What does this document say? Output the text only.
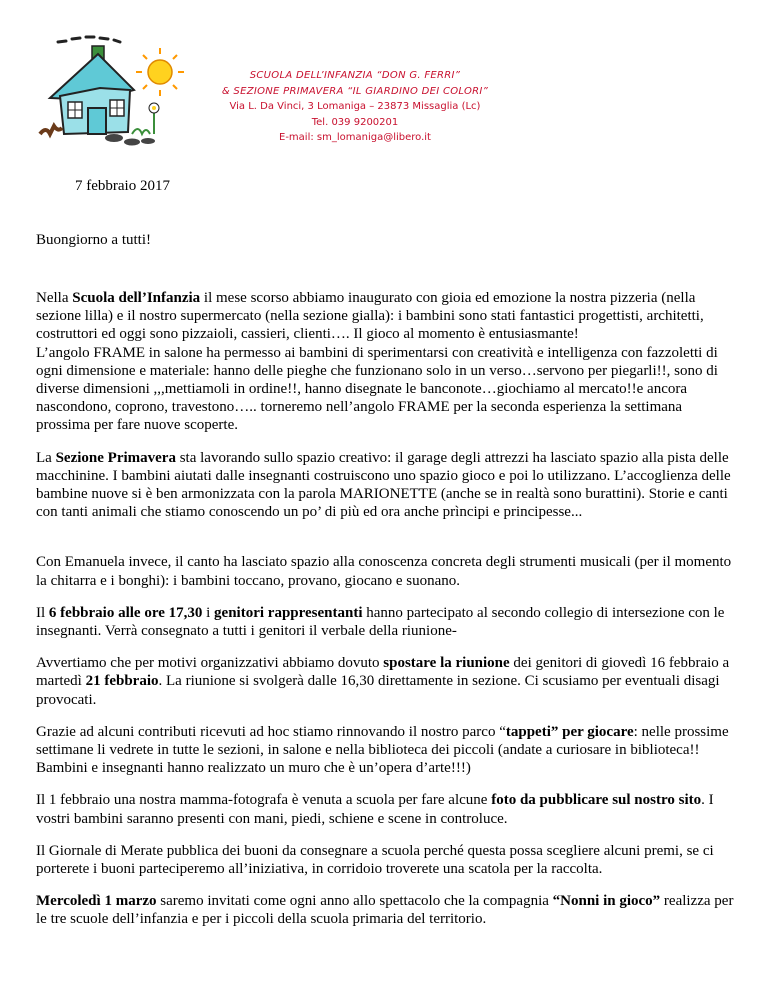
SCUOLA DELL’INFANZIA “DON G. FERRI”
& SEZIONE PRIMAVERA “IL GIARDINO DEI COLORI”
Via L. Da Vinci, 3 Lomaniga – 23873 Missaglia (Lc)
Tel. 039 9200201
E-mail: sm_lomaniga@libero.it
7 febbraio 2017
Buongiorno a tutti!

Nella Scuola dell’Infanzia il mese scorso abbiamo inaugurato con gioia ed emozione la nostra pizzeria (nella sezione lilla) e il nostro supermercato (nella sezione gialla): i bambini sono stati fantastici progettisti, architetti, costruttori ed oggi sono pizzaioli, cassieri, clienti…. Il gioco al momento è entusiasmante!
L’angolo FRAME in salone ha permesso ai bambini di sperimentarsi con creatività e intelligenza con fazzoletti di ogni dimensione e materiale: hanno delle pieghe che funzionano solo in un verso…servono per piegarli!!, sono di diverse dimensioni ,,,mettiamoli in ordine!!, hanno disegnate le banconote…giochiamo al mercato!!e ancora nascondono, coprono, travestono….. torneremo nell’angolo FRAME per la seconda esperienza la settimana prossima per fare nuove scoperte.

La Sezione Primavera sta lavorando sullo spazio creativo: il garage degli attrezzi ha lasciato spazio alla pista delle macchinine. I bambini aiutati dalle insegnanti costruiscono uno spazio gioco e poi lo utilizzano. L’accoglienza delle bambine nuove si è ben armonizzata con la parola MARIONETTE (anche se in realtà sono burattini). Storie e canti con tanti animali che stiamo conoscendo un po’ di più ed ora anche prìncipi e principesse...

Con Emanuela invece, il canto ha lasciato spazio alla conoscenza concreta degli strumenti musicali (per il momento la chitarra e i bonghi): i bambini toccano, provano, giocano e suonano.

Il 6 febbraio alle ore 17,30 i genitori rappresentanti hanno partecipato al secondo collegio di intersezione con le insegnanti. Verrà consegnato a tutti i genitori il verbale della riunione-

Avvertiamo che per motivi organizzativi abbiamo dovuto spostare la riunione dei genitori di giovedì 16 febbraio a martedì 21 febbraio. La riunione si svolgerà dalle 16,30 direttamente in sezione. Ci scusiamo per eventuali disagi provocati.

Grazie ad alcuni contributi ricevuti ad hoc stiamo rinnovando il nostro parco “tappeti” per giocare: nelle prossime settimane li vedrete in tutte le sezioni, in salone e nella biblioteca dei piccoli (andate a curiosare in biblioteca!! Bambini e insegnanti hanno realizzato un muro che è un’opera d’arte!!!)

Il 1 febbraio una nostra mamma-fotografa è venuta a scuola per fare alcune foto da pubblicare sul nostro sito. I vostri bambini saranno presenti con mani, piedi, schiene e scene in controluce.

Il Giornale di Merate pubblica dei buoni da consegnare a scuola perché questa possa scegliere alcuni premi, se ci porterete i buoni parteciperemo all’iniziativa, in corridoio troverete una scatola per la raccolta.

Mercoledì 1 marzo saremo invitati come ogni anno allo spettacolo che la compagnia “Nonni in gioco” realizza per le tre scuole dell’infanzia e per i piccoli della scuola primaria del territorio.
